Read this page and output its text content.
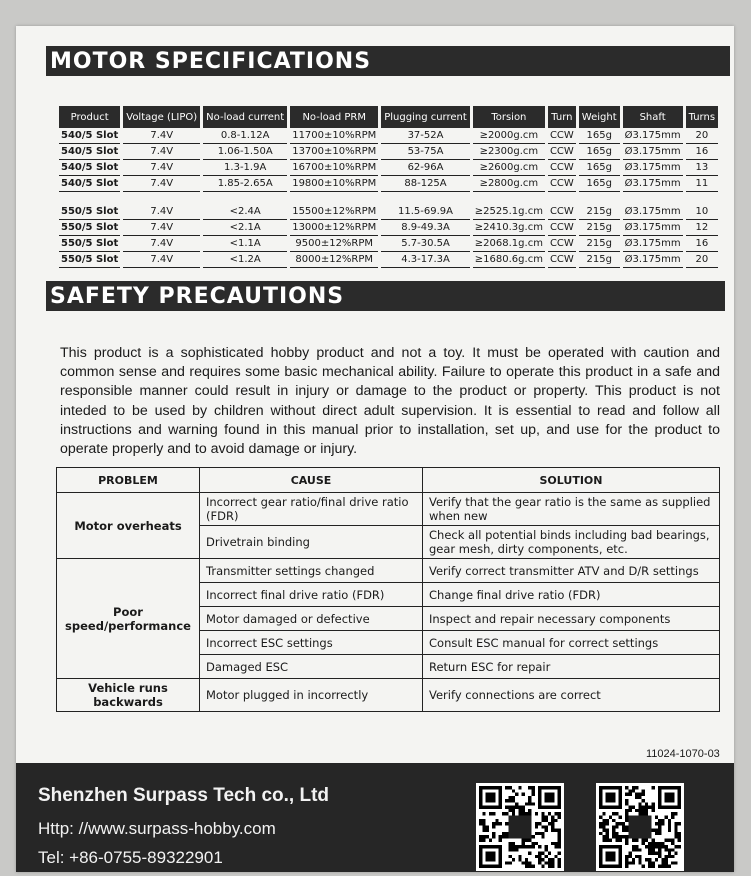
MOTOR SPECIFICATIONS
Product	Voltage (LIPO)	No-load current	No-load PRM	Plugging current	Torsion	Turn	Weight	Shaft	Turns
540/5 Slot	7.4V	0.8-1.12A	11700±10%RPM	37-52A	≥2000g.cm	CCW	165g	Ø3.175mm	20
540/5 Slot	7.4V	1.06-1.50A	13700±10%RPM	53-75A	≥2300g.cm	CCW	165g	Ø3.175mm	16
540/5 Slot	7.4V	1.3-1.9A	16700±10%RPM	62-96A	≥2600g.cm	CCW	165g	Ø3.175mm	13
540/5 Slot	7.4V	1.85-2.65A	19800±10%RPM	88-125A	≥2800g.cm	CCW	165g	Ø3.175mm	11

550/5 Slot	7.4V	<2.4A	15500±12%RPM	11.5-69.9A	≥2525.1g.cm	CCW	215g	Ø3.175mm	10
550/5 Slot	7.4V	<2.1A	13000±12%RPM	8.9-49.3A	≥2410.3g.cm	CCW	215g	Ø3.175mm	12
550/5 Slot	7.4V	<1.1A	9500±12%RPM	5.7-30.5A	≥2068.1g.cm	CCW	215g	Ø3.175mm	16
550/5 Slot	7.4V	<1.2A	8000±12%RPM	4.3-17.3A	≥1680.6g.cm	CCW	215g	Ø3.175mm	20
SAFETY PRECAUTIONS
This product is a sophisticated hobby product and not a toy. It must be operated with caution and common sense and requires some basic mechanical ability. Failure to operate this product in a safe and responsible manner could result in injury or damage to the product or property. This product is not inteded to be used by children without direct adult supervision. It is essential to read and follow all instructions and warning found in this manual prior to installation, set up, and use for the product to operate properly and to avoid damage or injury.
PROBLEM	CAUSE	SOLUTION
Motor overheats	Incorrect gear ratio/final drive ratio (FDR)	Verify that the gear ratio is the same as supplied when new
	Drivetrain binding	Check all potential binds including bad bearings, gear mesh, dirty components, etc.
Poor speed/performance	Transmitter settings changed	Verify correct transmitter ATV and D/R settings
	Incorrect final drive ratio (FDR)	Change final drive ratio (FDR)
	Motor damaged or defective	Inspect and repair necessary components
	Incorrect ESC settings	Consult ESC manual for correct settings
	Damaged ESC	Return ESC for repair
Vehicle runs backwards	Motor plugged in incorrectly	Verify connections are correct
11024-1070-03
Shenzhen Surpass Tech co., Ltd
Http: //www.surpass-hobby.com
Tel: +86-0755-89322901
